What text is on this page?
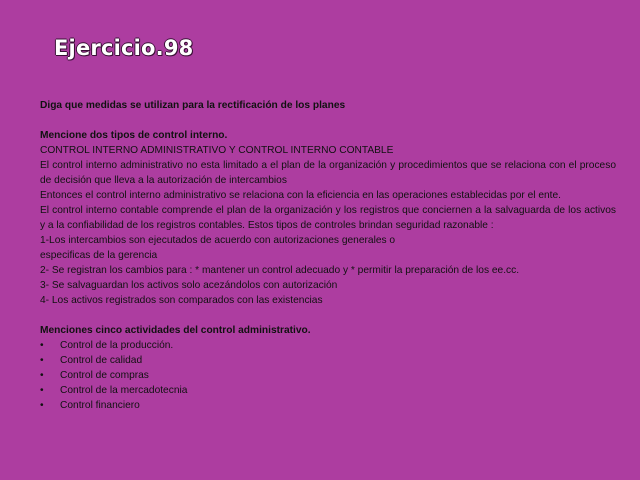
Ejercicio.98

Diga que medidas se utilizan para la rectificación de los planes

Mencione dos tipos de control interno.

CONTROL INTERNO ADMINISTRATIVO Y CONTROL INTERNO CONTABLE

El control interno administrativo no esta limitado a el plan de la organización y procedimientos que se relaciona con el proceso de decisión que lleva a la autorización de intercambios

Entonces el control interno administrativo se relaciona con la eficiencia en las operaciones establecidas por el ente.

El control interno contable comprende el plan de la organización y los registros que conciernen a la salvaguarda de los activos y a la confiabilidad de los registros contables. Estos tipos de controles brindan seguridad razonable :

1-Los intercambios son ejecutados de acuerdo con autorizaciones generales o

especificas de la gerencia

2- Se registran los cambios para : * mantener un control adecuado y * permitir la preparación de los ee.cc.

3- Se salvaguardan los activos solo acezándolos con autorización

4- Los activos registrados son comparados con las existencias

Menciones cinco actividades del control administrativo.

•	Control de la producción.
•	Control de calidad
•	Control de compras
•	Control de la mercadotecnia
•	Control financiero
